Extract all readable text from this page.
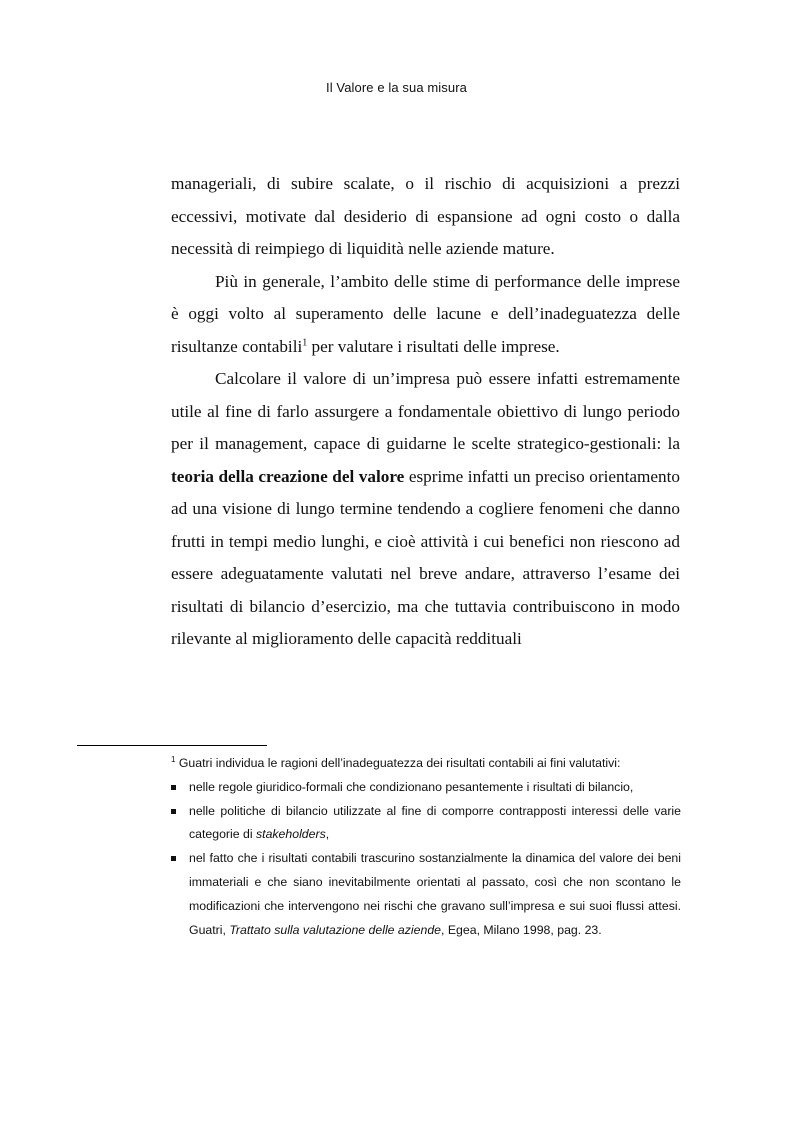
Il Valore e la sua misura

manageriali, di subire scalate, o il rischio di acquisizioni a prezzi eccessivi, motivate dal desiderio di espansione ad ogni costo o dalla necessità di reimpiego di liquidità nelle aziende mature.

Più in generale, l’ambito delle stime di performance delle imprese è oggi volto al superamento delle lacune e dell’inadeguatezza delle risultanze contabili$^1$ per valutare i risultati delle imprese.

Calcolare il valore di un’impresa può essere infatti estremamente utile al fine di farlo assurgere a fondamentale obiettivo di lungo periodo per il management, capace di guidarne le scelte strategico-gestionali: la teoria della creazione del valore esprime infatti un preciso orientamento ad una visione di lungo termine tendendo a cogliere fenomeni che danno frutti in tempi medio lunghi, e cioè attività i cui benefici non riescono ad essere adeguatamente valutati nel breve andare, attraverso l’esame dei risultati di bilancio d’esercizio, ma che tuttavia contribuiscono in modo rilevante al miglioramento delle capacità reddituali

$^1$ Guatri individua le ragioni dell’inadeguatezza dei risultati contabili ai fini valutativi:

nelle regole giuridico-formali che condizionano pesantemente i risultati di bilancio,
nelle politiche di bilancio utilizzate al fine di comporre contrapposti interessi delle varie categorie di stakeholders,
nel fatto che i risultati contabili trascurino sostanzialmente la dinamica del valore dei beni immateriali e che siano inevitabilmente orientati al passato, così che non scontano le modificazioni che intervengono nei rischi che gravano sull’impresa e sui suoi flussi attesi. Guatri, Trattato sulla valutazione delle aziende, Egea, Milano 1998, pag. 23.
